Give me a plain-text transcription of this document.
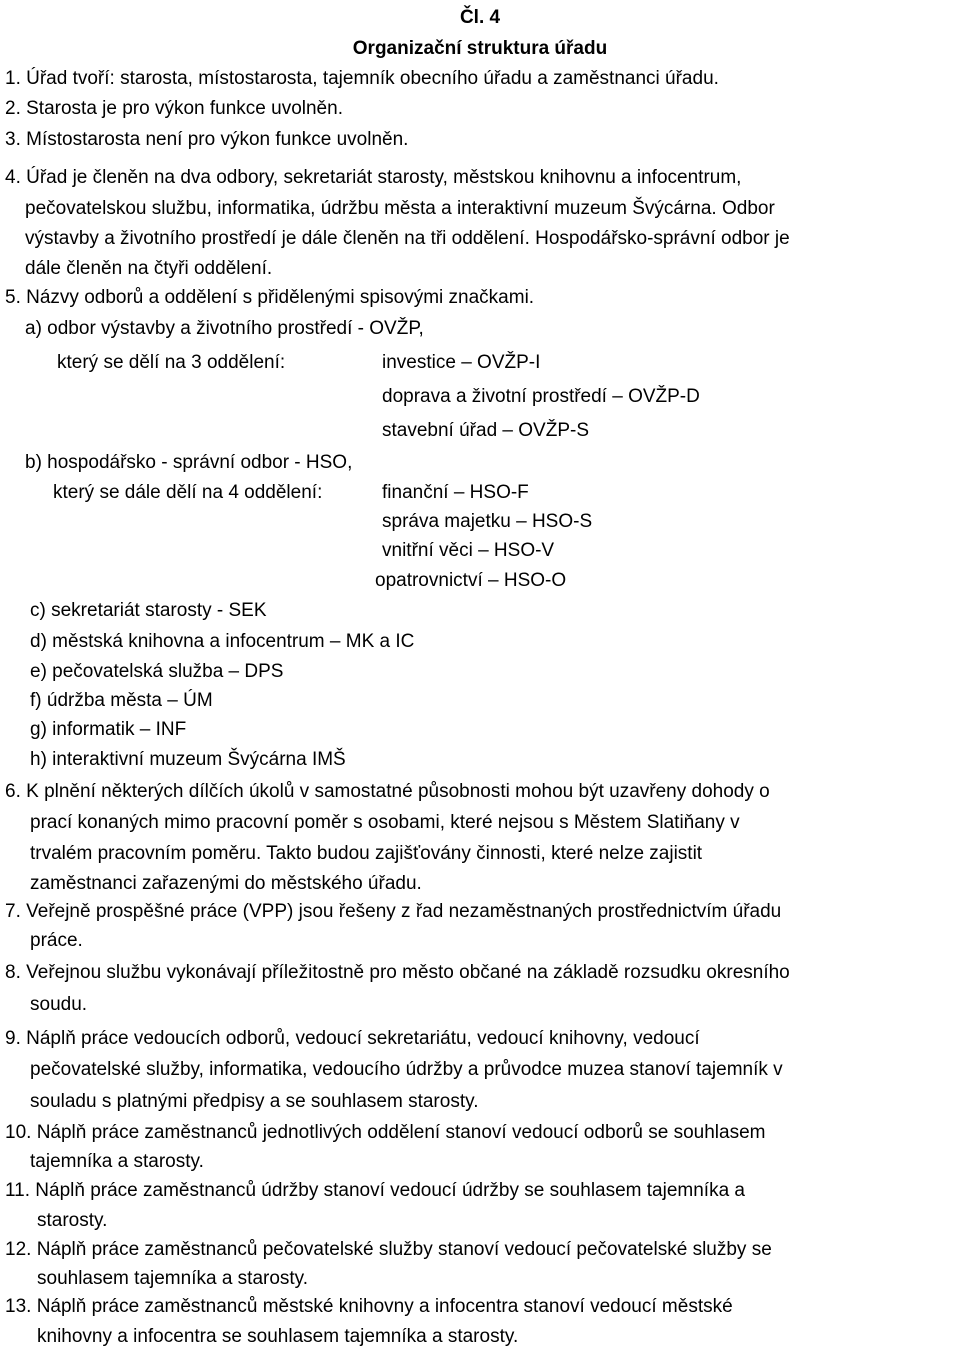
Čl. 4
Organizační struktura úřadu
1. Úřad tvoří: starosta, místostarosta, tajemník obecního úřadu a zaměstnanci úřadu.
2. Starosta je pro výkon funkce uvolněn.
3. Místostarosta není pro výkon funkce uvolněn.
4. Úřad je členěn na dva odbory, sekretariát starosty, městskou knihovnu a infocentrum,
pečovatelskou službu, informatika, údržbu města a interaktivní muzeum Švýcárna. Odbor
výstavby a životního prostředí je dále členěn na tři oddělení. Hospodářsko-správní odbor je
dále členěn na čtyři oddělení.
5. Názvy odborů a oddělení s přidělenými spisovými značkami.
a) odbor výstavby a životního prostředí - OVŽP,
který se dělí na 3 oddělení:	investice – OVŽP-I
doprava a životní prostředí – OVŽP-D
stavební úřad – OVŽP-S
b) hospodářsko - správní odbor - HSO,
který se dále dělí na 4 oddělení:	finanční – HSO-F
správa majetku – HSO-S
vnitřní věci – HSO-V
opatrovnictví – HSO-O
c) sekretariát starosty - SEK
d) městská knihovna a infocentrum – MK a IC
e) pečovatelská služba – DPS
f) údržba města – ÚM
g) informatik – INF
h) interaktivní muzeum Švýcárna IMŠ
6. K plnění některých dílčích úkolů v samostatné působnosti mohou být uzavřeny dohody o
prací konaných mimo pracovní poměr s osobami, které nejsou s Městem Slatiňany v
trvalém pracovním poměru. Takto budou zajišťovány činnosti, které nelze zajistit
zaměstnanci zařazenými do městského úřadu.
7. Veřejně prospěšné práce (VPP) jsou řešeny z řad nezaměstnaných prostřednictvím úřadu
práce.
8. Veřejnou službu vykonávají příležitostně pro město občané na základě rozsudku okresního
soudu.
9. Náplň práce vedoucích odborů, vedoucí sekretariátu, vedoucí knihovny, vedoucí
pečovatelské služby, informatika, vedoucího údržby a průvodce muzea stanoví tajemník v
souladu s platnými předpisy a se souhlasem starosty.
10. Náplň práce zaměstnanců jednotlivých oddělení stanoví vedoucí odborů se souhlasem
tajemníka a starosty.
11. Náplň práce zaměstnanců údržby stanoví vedoucí údržby se souhlasem tajemníka a
starosty.
12. Náplň práce zaměstnanců pečovatelské služby stanoví vedoucí pečovatelské služby se
souhlasem tajemníka a starosty.
13. Náplň práce zaměstnanců městské knihovny a infocentra stanoví vedoucí městské
knihovny a infocentra se souhlasem tajemníka a starosty.
